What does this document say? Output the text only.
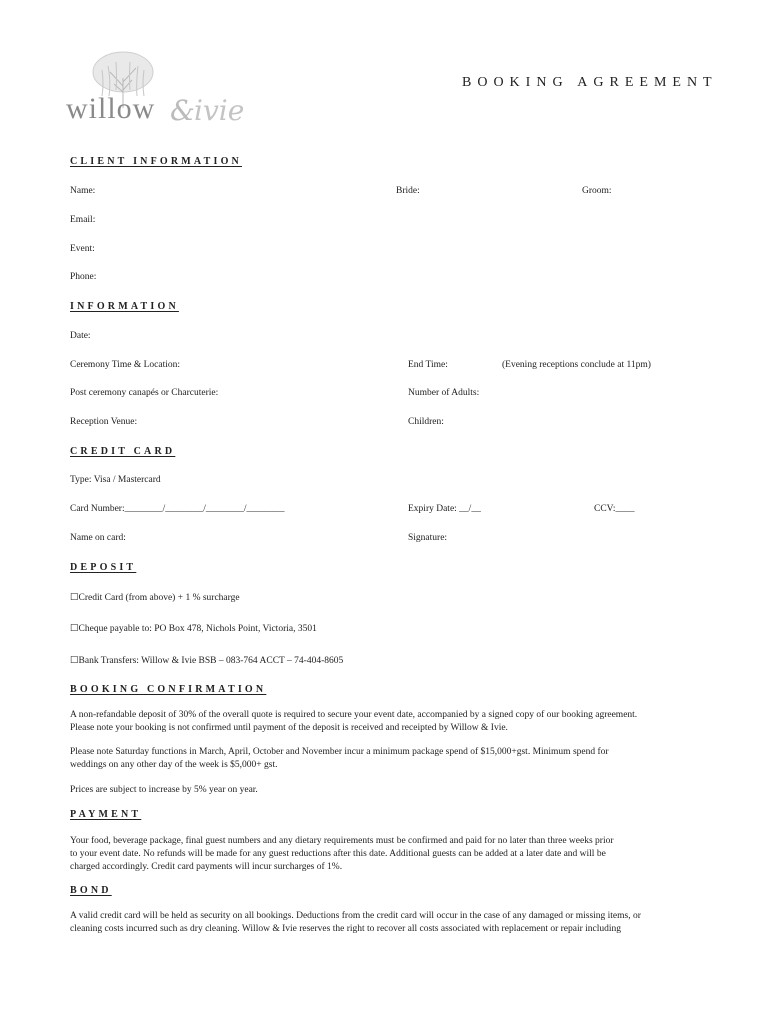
willow & ivie
BOOKING AGREEMENT
CLIENT INFORMATION
Name:	Bride:	Groom:
Email:
Event:
Phone:
INFORMATION
Date:
Ceremony Time & Location:	End Time:	(Evening receptions conclude at 11pm)
Post ceremony canapés or Charcuterie:	Number of Adults:
Reception Venue:	Children:
CREDIT CARD
Type: Visa / Mastercard
Card Number:________/________/________/________	Expiry Date: __/__	CCV:____
Name on card:	Signature:
DEPOSIT
☐Credit Card (from above) + 1 % surcharge
☐Cheque payable to: PO Box 478, Nichols Point, Victoria, 3501
☐Bank Transfers: Willow & Ivie BSB – 083-764 ACCT – 74-404-8605
BOOKING CONFIRMATION

A non-refandable deposit of 30% of the overall quote is required to secure your event date, accompanied by a signed copy of our booking agreement.

Please note your booking is not confirmed until payment of the deposit is received and receipted by Willow & Ivie.

Please note Saturday functions in March, April, October and November incur a minimum package spend of $15,000+gst. Minimum spend for

weddings on any other day of the week is $5,000+ gst.

Prices are subject to increase by 5% year on year.

PAYMENT

Your food, beverage package, final guest numbers and any dietary requirements must be confirmed and paid for no later than three weeks prior

to your event date. No refunds will be made for any guest reductions after this date. Additional guests can be added at a later date and will be

charged accordingly. Credit card payments will incur surcharges of 1%.

BOND

A valid credit card will be held as security on all bookings. Deductions from the credit card will occur in the case of any damaged or missing items, or

cleaning costs incurred such as dry cleaning. Willow & Ivie reserves the right to recover all costs associated with replacement or repair including
